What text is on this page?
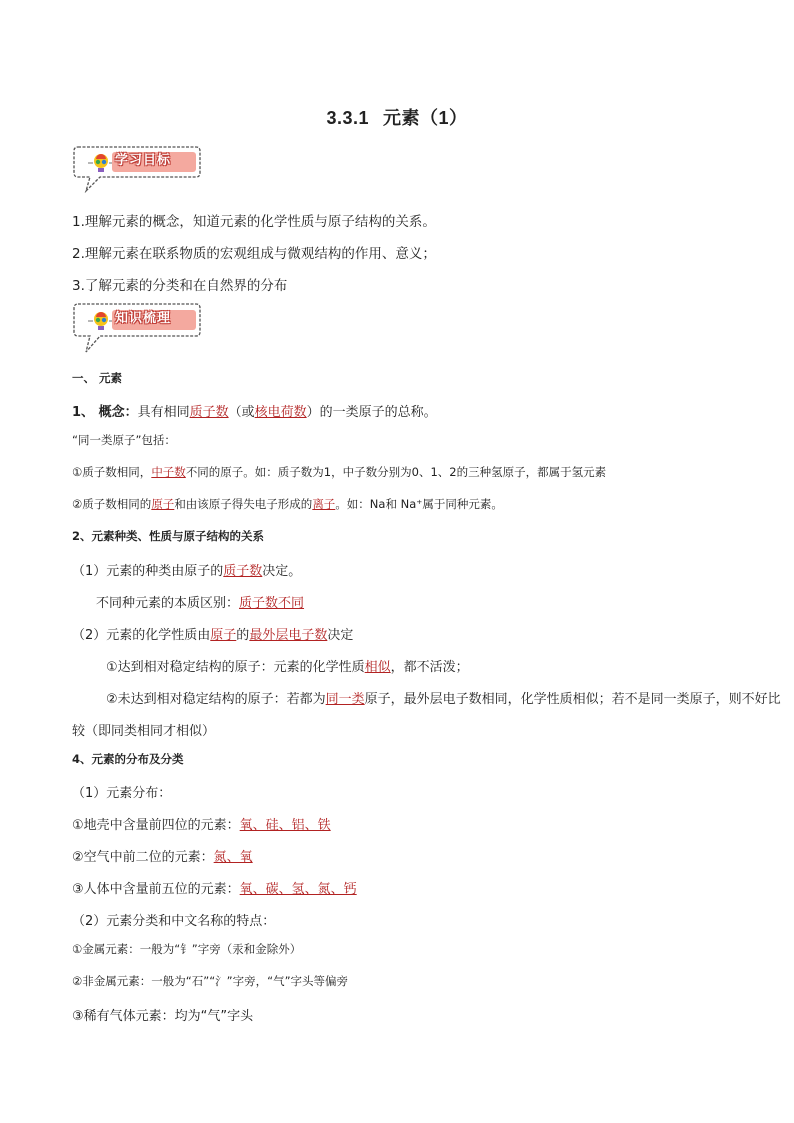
3.3.1 元素（1）
学习目标
1.理解元素的概念，知道元素的化学性质与原子结构的关系。
2.理解元素在联系物质的宏观组成与微观结构的作用、意义；
3.了解元素的分类和在自然界的分布
知识梳理
一、 元素
1、 概念：具有相同质子数（或核电荷数）的一类原子的总称。
“同一类原子”包括：
①质子数相同，中子数不同的原子。如：质子数为1，中子数分别为0、1、2的三种氢原子，都属于氢元素
②质子数相同的原子和由该原子得失电子形成的离子。如：Na和 Na⁺属于同种元素。
2、元素种类、性质与原子结构的关系
（1）元素的种类由原子的质子数决定。
不同种元素的本质区别：质子数不同
（2）元素的化学性质由原子的最外层电子数决定
①达到相对稳定结构的原子：元素的化学性质相似，都不活泼；
②未达到相对稳定结构的原子：若都为同一类原子，最外层电子数相同，化学性质相似；若不是同一类原子，则不好比
较（即同类相同才相似）
4、元素的分布及分类
（1）元素分布：
①地壳中含量前四位的元素：氧、硅、铝、铁
②空气中前二位的元素：氮、氧
③人体中含量前五位的元素：氧、碳、氢、氮、钙
（2）元素分类和中文名称的特点：
①金属元素：一般为“钅”字旁（汞和金除外）
②非金属元素：一般为“石”“氵”字旁，“气”字头等偏旁
③稀有气体元素：均为“气”字头
